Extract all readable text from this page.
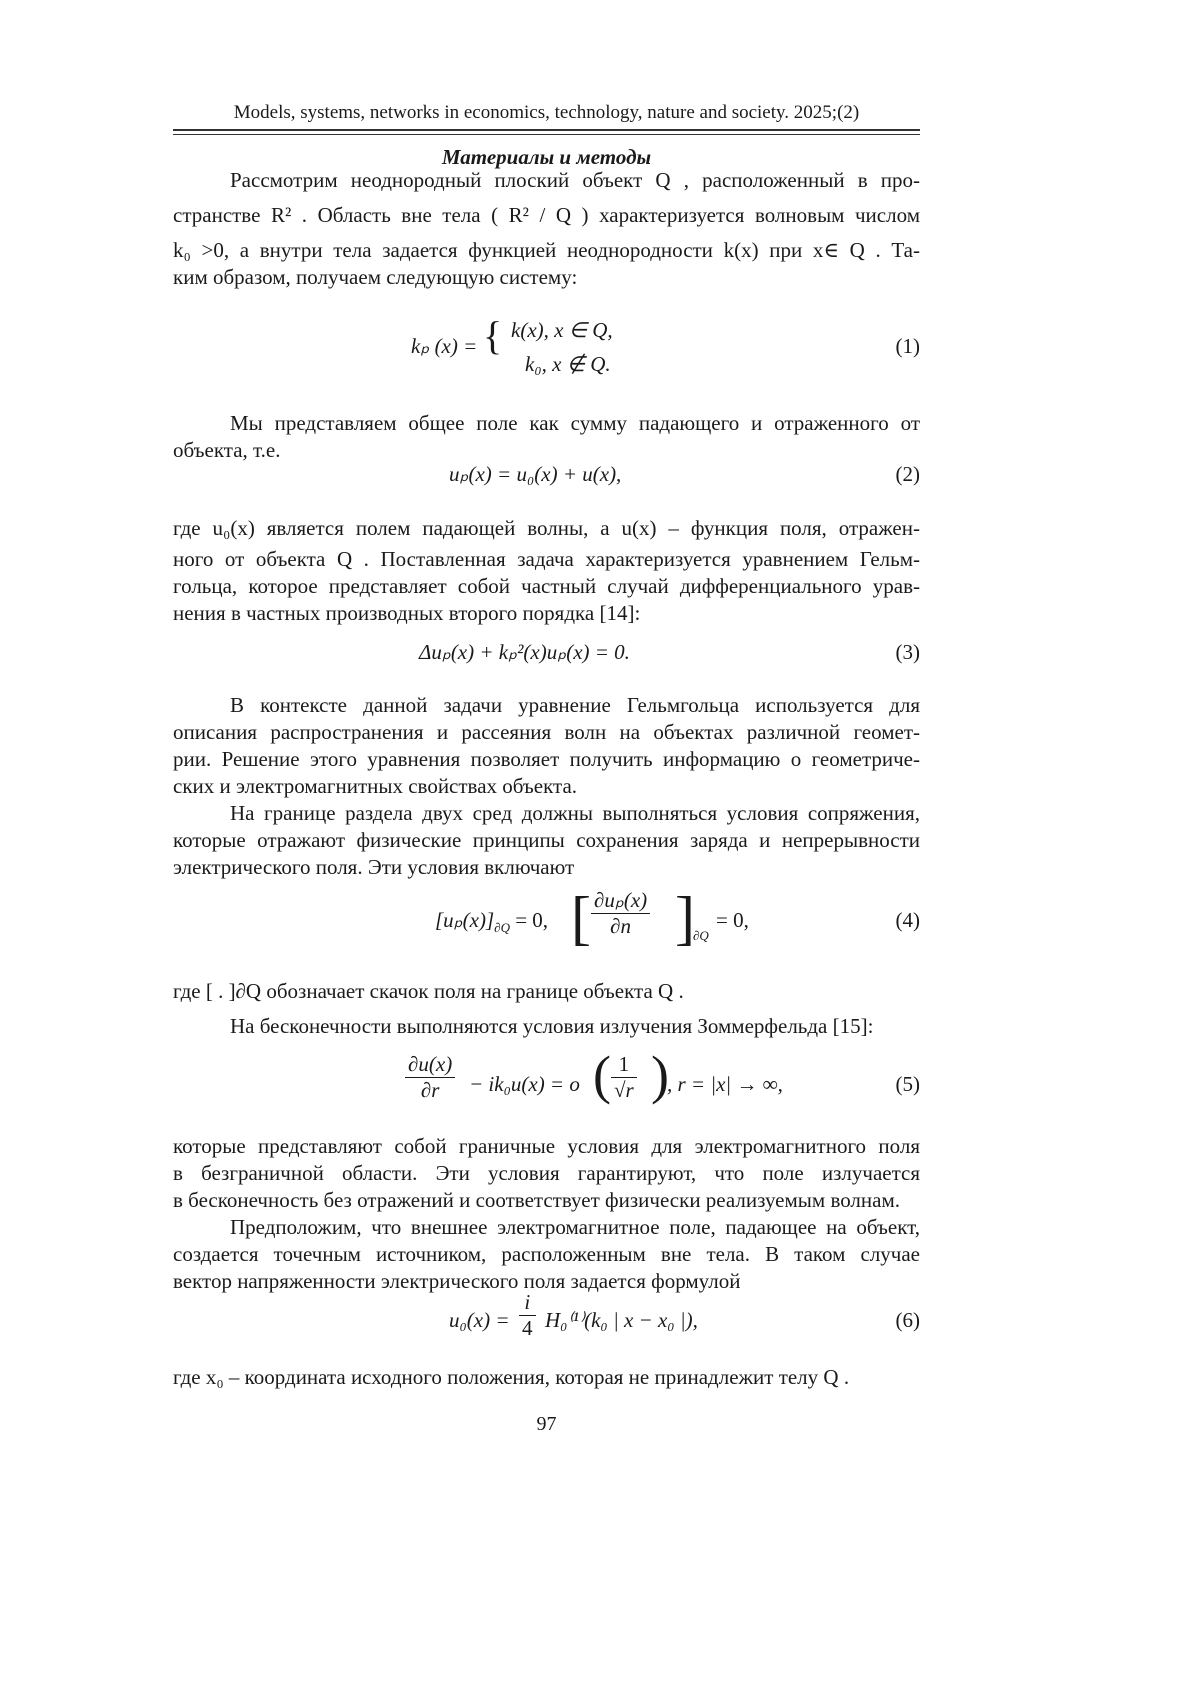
Models, systems, networks in economics, technology, nature and society. 2025;(2)
Материалы и методы
Рассмотрим неоднородный плоский объект Q , расположенный в про-
странстве R² . Область вне тела ( R² / Q ) характеризуется волновым числом
k₀ >0, а внутри тела задается функцией неоднородности k(x) при x∈ Q . Та-
ким образом, получаем следующую систему:
kₚ (x) = { k(x), x ∈ Q,
k₀, x ∉ Q.
(1)
Мы представляем общее поле как сумму падающего и отраженного от
объекта, т.е.
uₚ(x) = u₀(x) + u(x),	(2)
где u₀(x) является полем падающей волны, а u(x) – функция поля, отражен-
ного от объекта Q . Поставленная задача характеризуется уравнением Гельм-
гольца, которое представляет собой частный случай дифференциального урав-
нения в частных производных второго порядка [14]:
Δuₚ(x) + kₚ²(x)uₚ(x) = 0.	(3)
В контексте данной задачи уравнение Гельмгольца используется для
описания распространения и рассеяния волн на объектах различной геомет-
рии. Решение этого уравнения позволяет получить информацию о геометриче-
ских и электромагнитных свойствах объекта.
На границе раздела двух сред должны выполняться условия сопряжения,
которые отражают физические принципы сохранения заряда и непрерывности
электрического поля. Эти условия включают
$[u_p(x)]_{\partial Q} = 0$, [ $\frac{\text{∂uₚ(x)}}{\partial n}$ ]
∂Q
= 0,	(4)
где [ . ]∂Q обозначает скачок поля на границе объекта Q .
На бесконечности выполняются условия излучения Зоммерфельда [15]:
$\frac{\partial u(x)}{\partial r} - ik_0u(x) = o$ ( $\frac{1}{√r}$ )
, r = |x| → ∞,	(5)
которые представляют собой граничные условия для электромагнитного поля
в безграничной области. Эти условия гарантируют, что поле излучается
в бесконечность без отражений и соответствует физически реализуемым волнам.
Предположим, что внешнее электромагнитное поле, падающее на объект,
создается точечным источником, расположенным вне тела. В таком случае
вектор напряженности электрического поля задается формулой
$u_0(x) = \frac{i}{4} H_0^{(1)}(k_0$ | x − x₀ |),	(6)
где x₀ – координата исходного положения, которая не принадлежит телу Q .
97
